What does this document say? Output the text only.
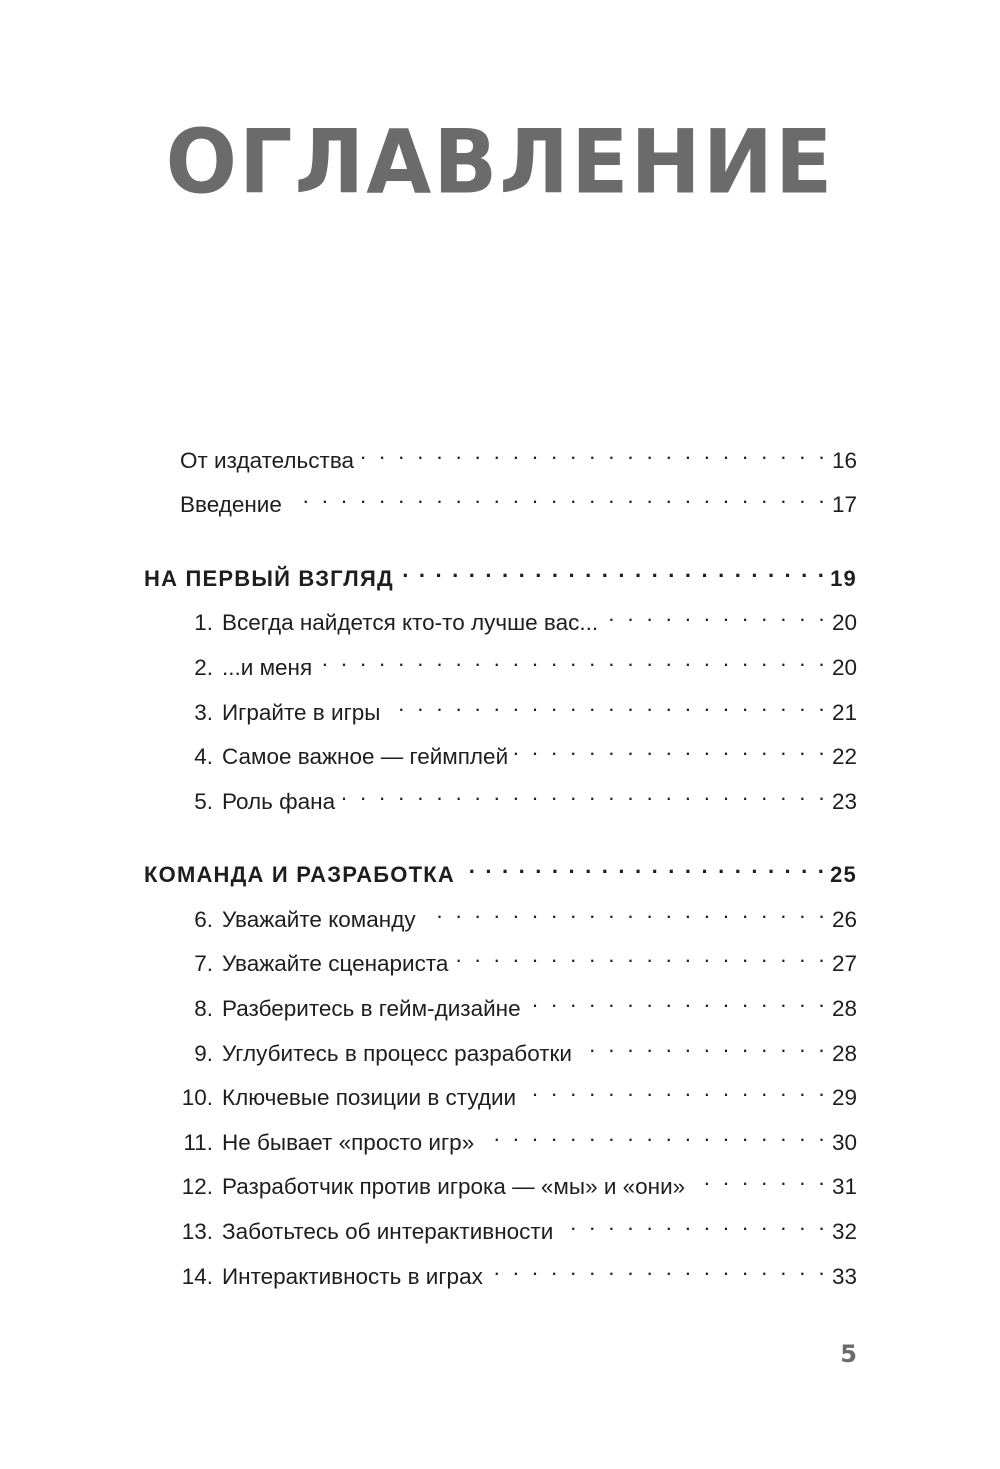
ОГЛАВЛЕНИЕ
От издательства . . .	16
Введение . . .	17
НА ПЕРВЫЙ ВЗГЛЯД . . .	19
1. Всегда найдется кто-то лучше вас... . . .	20
2. ...и меня . . .	20
3. Играйте в игры . . .	21
4. Самое важное — геймплей . . .	22
5. Роль фана . . .	23
КОМАНДА И РАЗРАБОТКА . . .	25
6. Уважайте команду . . .	26
7. Уважайте сценариста . . .	27
8. Разберитесь в гейм-дизайне . . .	28
9. Углубитесь в процесс разработки . . .	28
10. Ключевые позиции в студии . . .	29
11. Не бывает «просто игр» . . .	30
12. Разработчик против игрока — «мы» и «они» . . .	31
13. Заботьтесь об интерактивности . . .	32
14. Интерактивность в играх . . .	33
5
